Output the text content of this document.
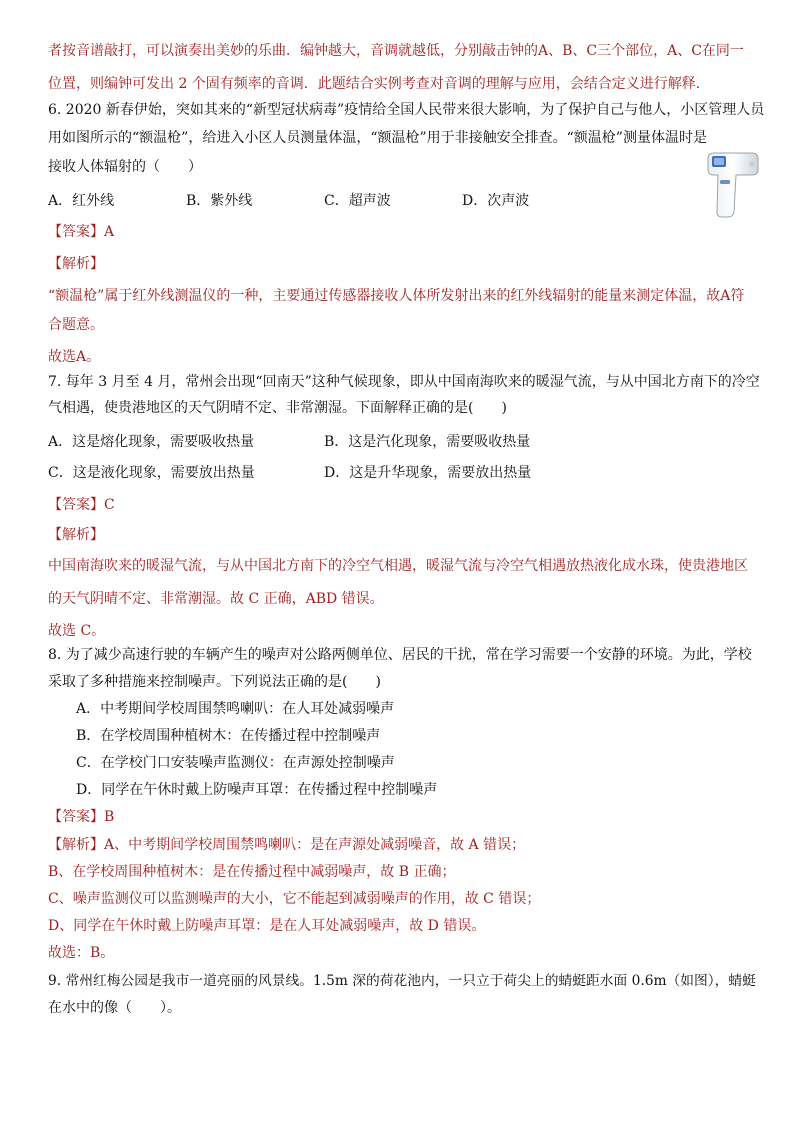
者按音谱敲打，可以演奏出美妙的乐曲．编钟越大，音调就越低，分别敲击钟的A、B、C三个部位，A、C在同一
位置，则编钟可发出 2 个固有频率的音调．此题结合实例考查对音调的理解与应用，会结合定义进行解释．
6. 2020 新春伊始，突如其来的“新型冠状病毒”疫情给全国人民带来很大影响，为了保护自己与他人，小区管理人员
用如图所示的“额温枪”，给进入小区人员测量体温，“额温枪”用于非接触安全排查。“额温枪”测量体温时是
接收人体辐射的（　　）
A．红外线	B．紫外线	C．超声波	D．次声波
【答案】A
【解析】
“额温枪”属于红外线测温仪的一种，主要通过传感器接收人体所发射出来的红外线辐射的能量来测定体温，故A符
合题意。
故选A。
7. 每年 3 月至 4 月，常州会出现“回南天”这种气候现象，即从中国南海吹来的暖湿气流，与从中国北方南下的冷空
气相遇，使贵港地区的天气阴晴不定、非常潮湿。下面解释正确的是(　　)
A．这是熔化现象，需要吸收热量	B．这是汽化现象，需要吸收热量
C．这是液化现象，需要放出热量	D．这是升华现象，需要放出热量
【答案】C
【解析】
中国南海吹来的暖湿气流，与从中国北方南下的冷空气相遇，暖湿气流与冷空气相遇放热液化成水珠，使贵港地区
的天气阴晴不定、非常潮湿。故 C 正确，ABD 错误。
故选 C。
8. 为了减少高速行驶的车辆产生的噪声对公路两侧单位、居民的干扰，常在学习需要一个安静的环境。为此，学校
采取了多种措施来控制噪声。下列说法正确的是(　　)
A．中考期间学校周围禁鸣喇叭：在人耳处减弱噪声
B．在学校周围种植树木：在传播过程中控制噪声
C．在学校门口安装噪声监测仪：在声源处控制噪声
D．同学在午休时戴上防噪声耳罩：在传播过程中控制噪声
【答案】B
【解析】A、中考期间学校周围禁鸣喇叭：是在声源处减弱噪音，故 A 错误；
B、在学校周围种植树木：是在传播过程中减弱噪声，故 B 正确；
C、噪声监测仪可以监测噪声的大小，它不能起到减弱噪声的作用，故 C 错误；
D、同学在午休时戴上防噪声耳罩：是在人耳处减弱噪声，故 D 错误。
故选：B。
9. 常州红梅公园是我市一道亮丽的风景线。1.5m 深的荷花池内，一只立于荷尖上的蜻蜓距水面 0.6m（如图），蜻蜓
在水中的像（　　）。
